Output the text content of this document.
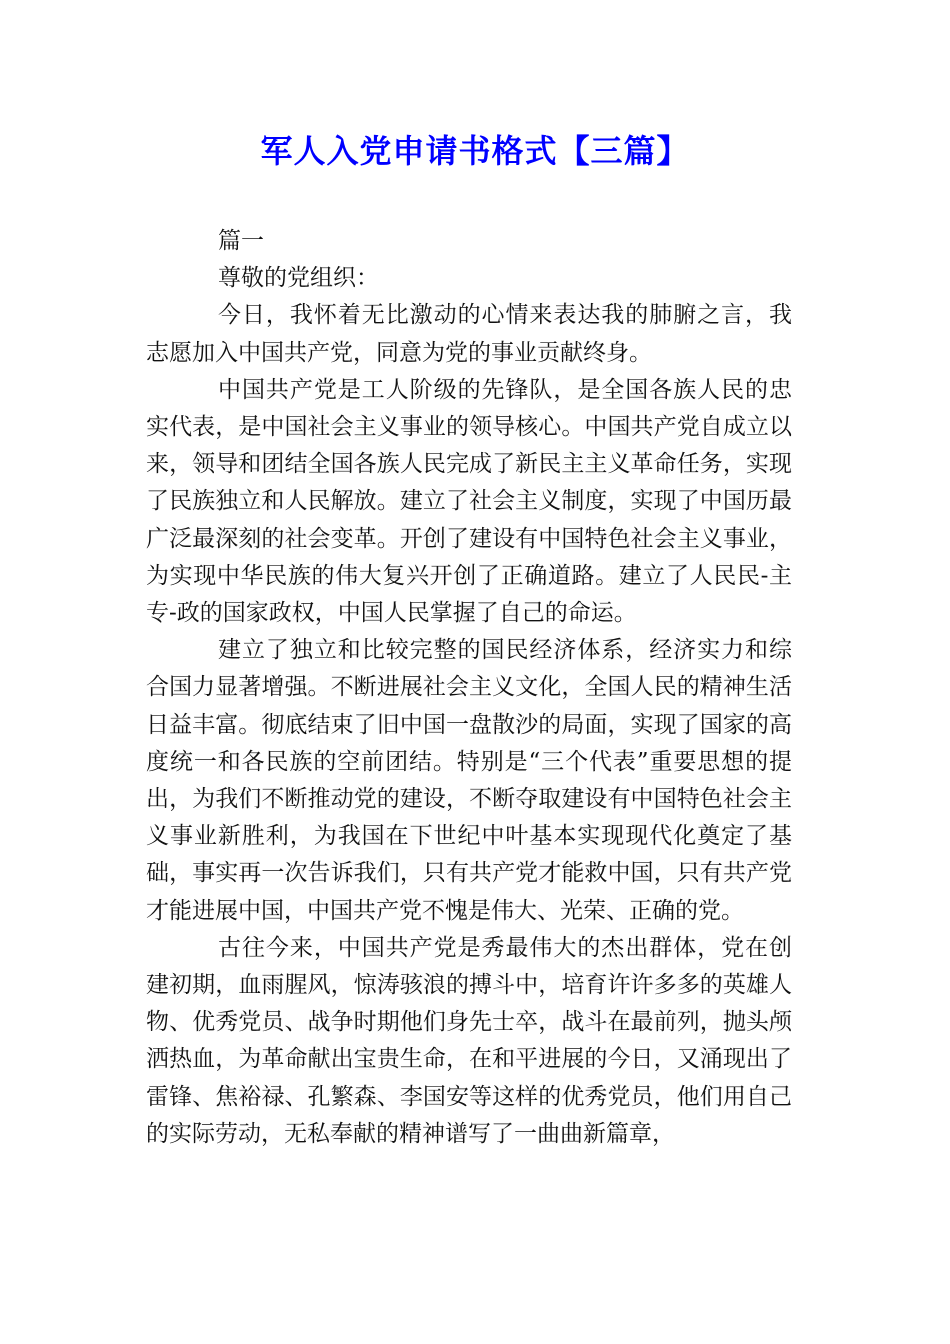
军人入党申请书格式【三篇】

篇一

尊敬的党组织：

今日，我怀着无比激动的心情来表达我的肺腑之言，我志愿加入中国共产党，同意为党的事业贡献终身。

中国共产党是工人阶级的先锋队，是全国各族人民的忠实代表，是中国社会主义事业的领导核心。中国共产党自成立以来，领导和团结全国各族人民完成了新民主主义革命任务，实现了民族独立和人民解放。建立了社会主义制度，实现了中国历最广泛最深刻的社会变革。开创了建设有中国特色社会主义事业，为实现中华民族的伟大复兴开创了正确道路。建立了人民民-主专-政的国家政权，中国人民掌握了自己的命运。

建立了独立和比较完整的国民经济体系，经济实力和综合国力显著增强。不断进展社会主义文化，全国人民的精神生活日益丰富。彻底结束了旧中国一盘散沙的局面，实现了国家的高度统一和各民族的空前团结。特别是“三个代表”重要思想的提出，为我们不断推动党的建设，不断夺取建设有中国特色社会主义事业新胜利，为我国在下世纪中叶基本实现现代化奠定了基础，事实再一次告诉我们，只有共产党才能救中国，只有共产党才能进展中国，中国共产党不愧是伟大、光荣、正确的党。

古往今来，中国共产党是秀最伟大的杰出群体，党在创建初期，血雨腥风，惊涛骇浪的搏斗中，培育许许多多的英雄人物、优秀党员、战争时期他们身先士卒，战斗在最前列，抛头颅洒热血，为革命献出宝贵生命，在和平进展的今日，又涌现出了雷锋、焦裕禄、孔繁森、李国安等这样的优秀党员，他们用自己的实际劳动，无私奉献的精神谱写了一曲曲新篇章，
